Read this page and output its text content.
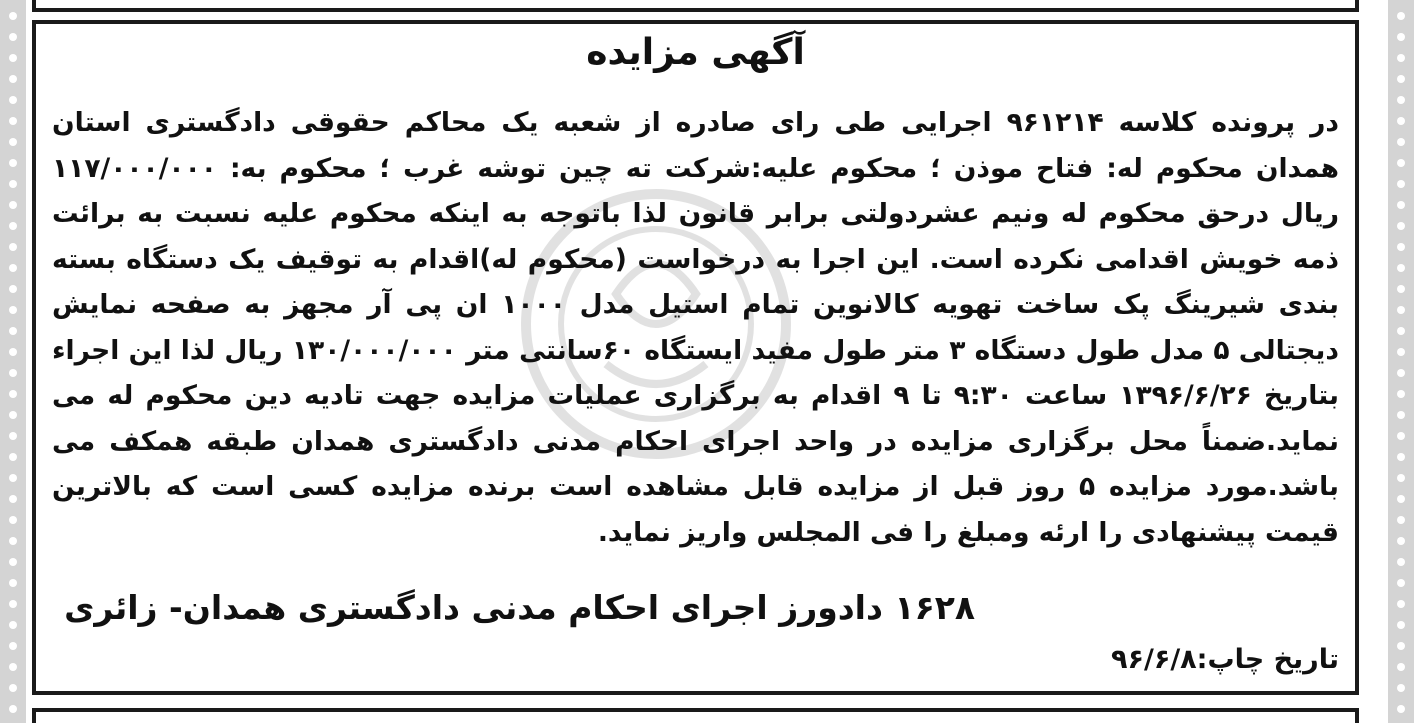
آگهی مزایده
در پرونده کلاسه ۹۶۱۲۱۴ اجرایی طی رای صادره از شعبه یک محاکم حقوقی دادگستری استان همدان محکوم له: فتاح موذن ؛ محکوم علیه:شرکت ته چین توشه غرب ؛ محکوم به: ۱۱۷/۰۰۰/۰۰۰ ریال درحق محکوم له ونیم عشردولتی برابر قانون لذا باتوجه به اینکه محکوم علیه نسبت به برائت ذمه خویش اقدامی نکرده است. این اجرا به درخواست (محکوم له)اقدام به توقیف یک دستگاه بسته بندی شیرینگ پک ساخت تهویه کالانوین تمام استیل مدل ۱۰۰۰ ان پی آر مجهز به صفحه نمایش دیجتالی ۵ مدل طول دستگاه ۳ متر طول مفید ایستگاه ۶۰سانتی متر ۱۳۰/۰۰۰/۰۰۰ ریال لذا این اجراء بتاریخ ۱۳۹۶/۶/۲۶ ساعت ۹:۳۰ تا ۹ اقدام به برگزاری عملیات مزایده جهت تادیه دین محکوم له می نماید.ضمناً محل برگزاری مزایده در واحد اجرای احکام مدنی دادگستری همدان طبقه همکف می باشد.مورد مزایده ۵ روز قبل از مزایده قابل مشاهده است برنده مزایده کسی است که بالاترین قیمت پیشنهادی را ارئه ومبلغ را فی المجلس واریز نماید.
۱۶۲۸ دادورز اجرای احکام مدنی دادگستری همدان- زائری
تاریخ چاپ:۹۶/۶/۸
